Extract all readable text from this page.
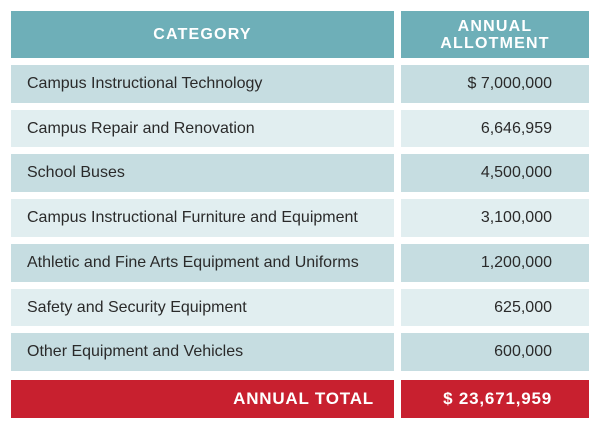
CATEGORY	ANNUAL
ALLOTMENT
Campus Instructional Technology	$ 7,000,000
Campus Repair and Renovation	6,646,959
School Buses	4,500,000
Campus Instructional Furniture and Equipment	3,100,000
Athletic and Fine Arts Equipment and Uniforms	1,200,000
Safety and Security Equipment	625,000
Other Equipment and Vehicles	600,000
ANNUAL TOTAL	$ 23,671,959
